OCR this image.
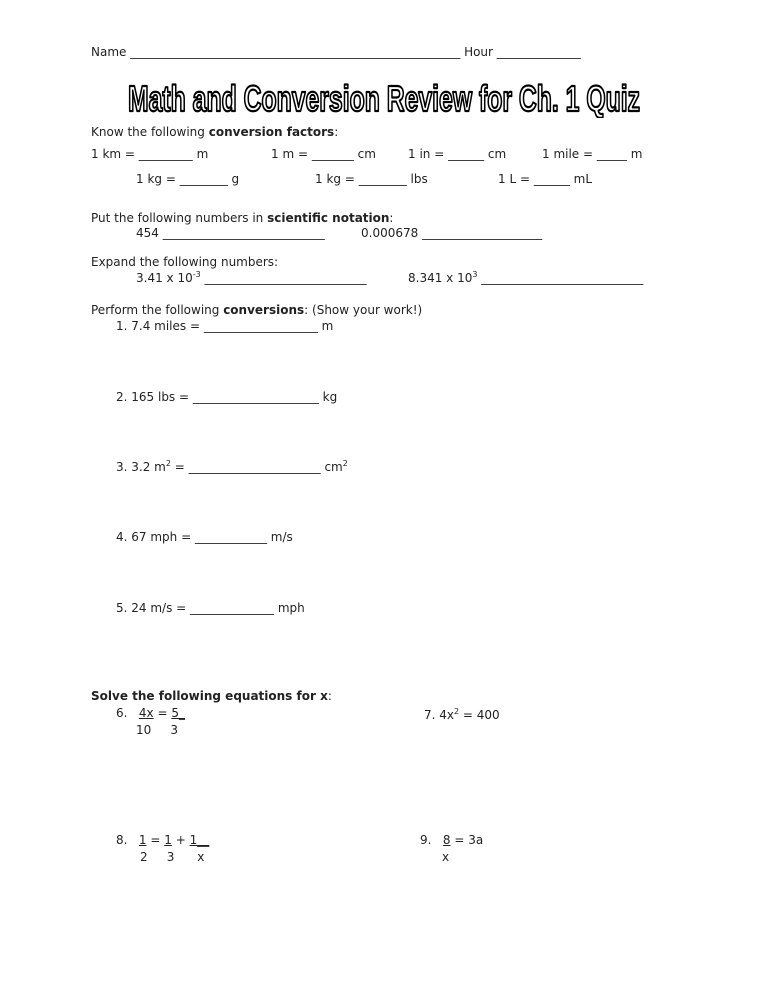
Name _______________________________________________________ Hour ______________
Math and Conversion Review for Ch. 1 Quiz
Know the following conversion factors:
1 km = _________ m	1 m = _______ cm	1 in = ______ cm	1 mile = _____ m
1 kg = ________ g	1 kg = ________ lbs	1 L = ______ mL
Put the following numbers in scientific notation:
454 ___________________________	0.000678 ____________________
Expand the following numbers:
3.41 x $10^{-3}$ ___________________________	8.341 x $10^3$ ___________________________
Perform the following conversions: (Show your work!)
1. 7.4 miles = ___________________ m
2. 165 lbs = _____________________ kg
3. 3.2 $m^2$ = ______________________ $cm^2$
4. 67 mph = ____________ m/s
5. 24 m/s = ______________ mph
Solve the following equations for x:
6. 4x = 5_
10     3
7. $4x^2 = 400$
8. 1 = 1 + 1__
2     3      x
9. 8 = 3a
x
